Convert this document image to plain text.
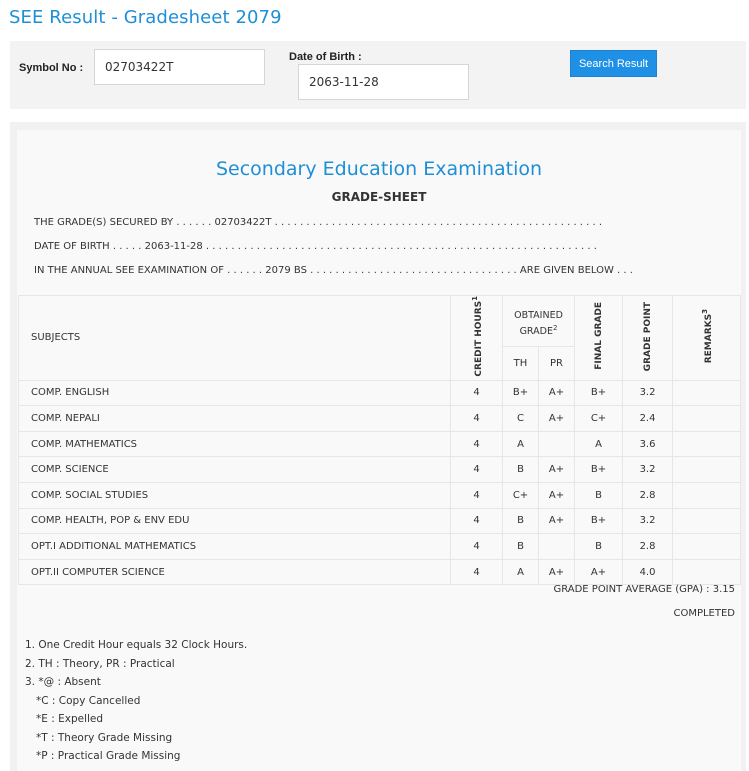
SEE Result - Gradesheet 2079
Symbol No :
02703422T
Date of Birth :
2063-11-28
Search Result
Secondary Education Examination
GRADE-SHEET
THE GRADE(S) SECURED BY . . . . . . 02703422T . . . . . . . . . . . . . . . . . . . . . . . . . . . . . . . . . . . . . . . . . . . . . . . . . . . .
DATE OF BIRTH . . . . . 2063-11-28 . . . . . . . . . . . . . . . . . . . . . . . . . . . . . . . . . . . . . . . . . . . . . . . . . . . . . . . . . . . . . .
IN THE ANNUAL SEE EXAMINATION OF . . . . . . 2079 BS . . . . . . . . . . . . . . . . . . . . . . . . . . . . . . . . . ARE GIVEN BELOW . . .
SUBJECTS	CREDIT HOURS$^1$	OBTAINED GRADE$^2$		FINAL GRADE	GRADE POINT	REMARKS$^3$
		TH	PR			
COMP. ENGLISH	4	B+	A+	B+	3.2	
COMP. NEPALI	4	C	A+	C+	2.4	
COMP. MATHEMATICS	4	A		A	3.6	
COMP. SCIENCE	4	B	A+	B+	3.2	
COMP. SOCIAL STUDIES	4	C+	A+	B	2.8	
COMP. HEALTH, POP & ENV EDU	4	B	A+	B+	3.2	
OPT.I ADDITIONAL MATHEMATICS	4	B		B	2.8	
OPT.II COMPUTER SCIENCE	4	A	A+	A+	4.0	
GRADE POINT AVERAGE (GPA) : 3.15
COMPLETED
1. One Credit Hour equals 32 Clock Hours.
2. TH : Theory, PR : Practical
3. *@ : Absent
*C : Copy Cancelled
*E : Expelled
*T : Theory Grade Missing
*P : Practical Grade Missing
